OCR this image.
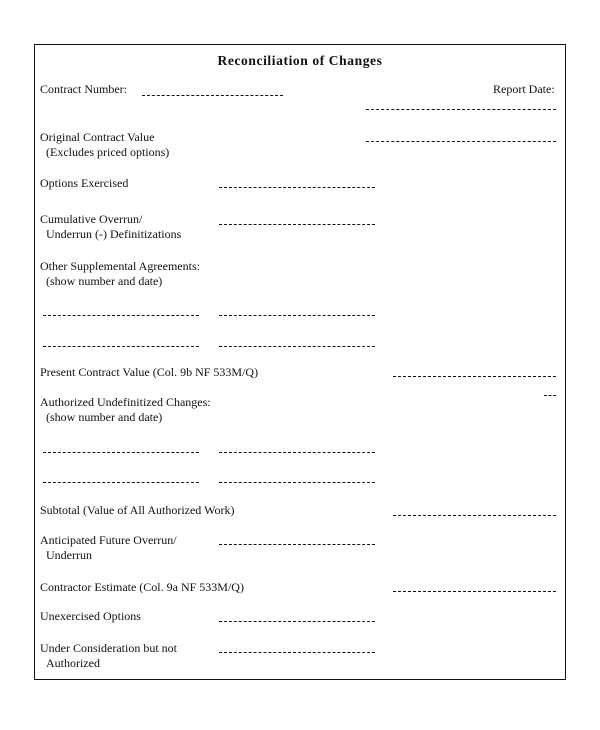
Reconciliation of Changes
Contract Number:	Report Date:
Original Contract Value
(Excludes priced options)
Options Exercised
Cumulative Overrun/
Underrun (-) Definitizations
Other Supplemental Agreements:
(show number and date)
Present Contract Value (Col. 9b NF 533M/Q)
Authorized Undefinitized Changes:
(show number and date)
Subtotal (Value of All Authorized Work)
Anticipated Future Overrun/
Underrun
Contractor Estimate (Col. 9a NF 533M/Q)
Unexercised Options
Under Consideration but not
Authorized
